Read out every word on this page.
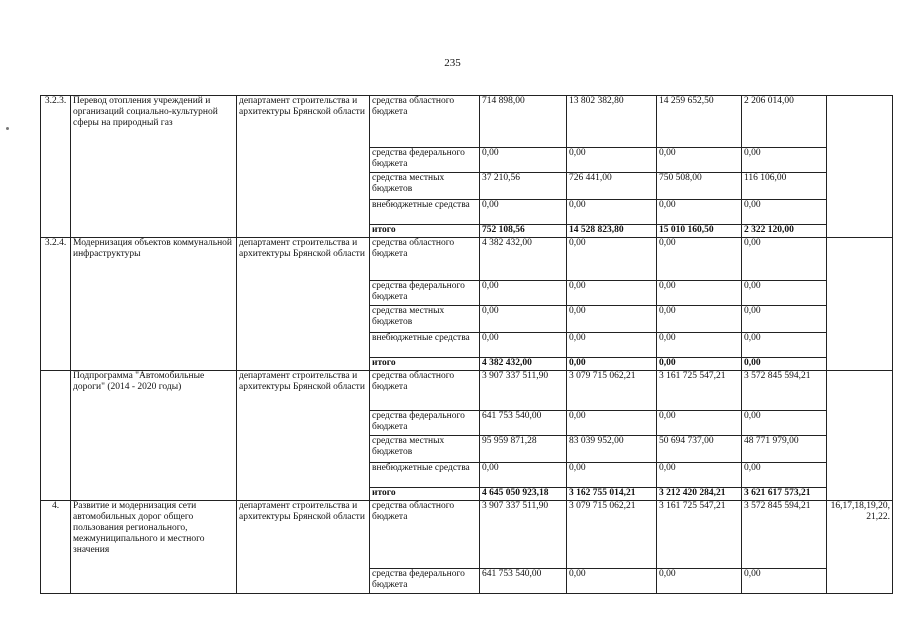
235
3.2.3.	Перевод отопления учреждений и организаций социально-культурной сферы на природный газ	департамент строительства и архитектуры Брянской области	средства областного бюджета	714 898,00	13 802 382,80	14 259 652,50	2 206 014,00	
			средства федерального бюджета	0,00	0,00	0,00	0,00	
			средства местных бюджетов	37 210,56	726 441,00	750 508,00	116 106,00	
			внебюджетные средства	0,00	0,00	0,00	0,00	
			итого	752 108,56	14 528 823,80	15 010 160,50	2 322 120,00	
3.2.4.	Модернизация объектов коммунальной инфраструктуры	департамент строительства и архитектуры Брянской области	средства областного бюджета	4 382 432,00	0,00	0,00	0,00	
			средства федерального бюджета	0,00	0,00	0,00	0,00	
			средства местных бюджетов	0,00	0,00	0,00	0,00	
			внебюджетные средства	0,00	0,00	0,00	0,00	
			итого	4 382 432,00	0,00	0,00	0,00	
	Подпрограмма "Автомобильные дороги" (2014 - 2020 годы)	департамент строительства и архитектуры Брянской области	средства областного бюджета	3 907 337 511,90	3 079 715 062,21	3 161 725 547,21	3 572 845 594,21	
			средства федерального бюджета	641 753 540,00	0,00	0,00	0,00	
			средства местных бюджетов	95 959 871,28	83 039 952,00	50 694 737,00	48 771 979,00	
			внебюджетные средства	0,00	0,00	0,00	0,00	
			итого	4 645 050 923,18	3 162 755 014,21	3 212 420 284,21	3 621 617 573,21	
4.	Развитие и модернизация сети автомобильных дорог общего пользования регионального, межмуниципального и местного значения	департамент строительства и архитектуры Брянской области	средства областного бюджета	3 907 337 511,90	3 079 715 062,21	3 161 725 547,21	3 572 845 594,21	16,17,18,19,20, 21,22.
			средства федерального бюджета	641 753 540,00	0,00	0,00	0,00	
